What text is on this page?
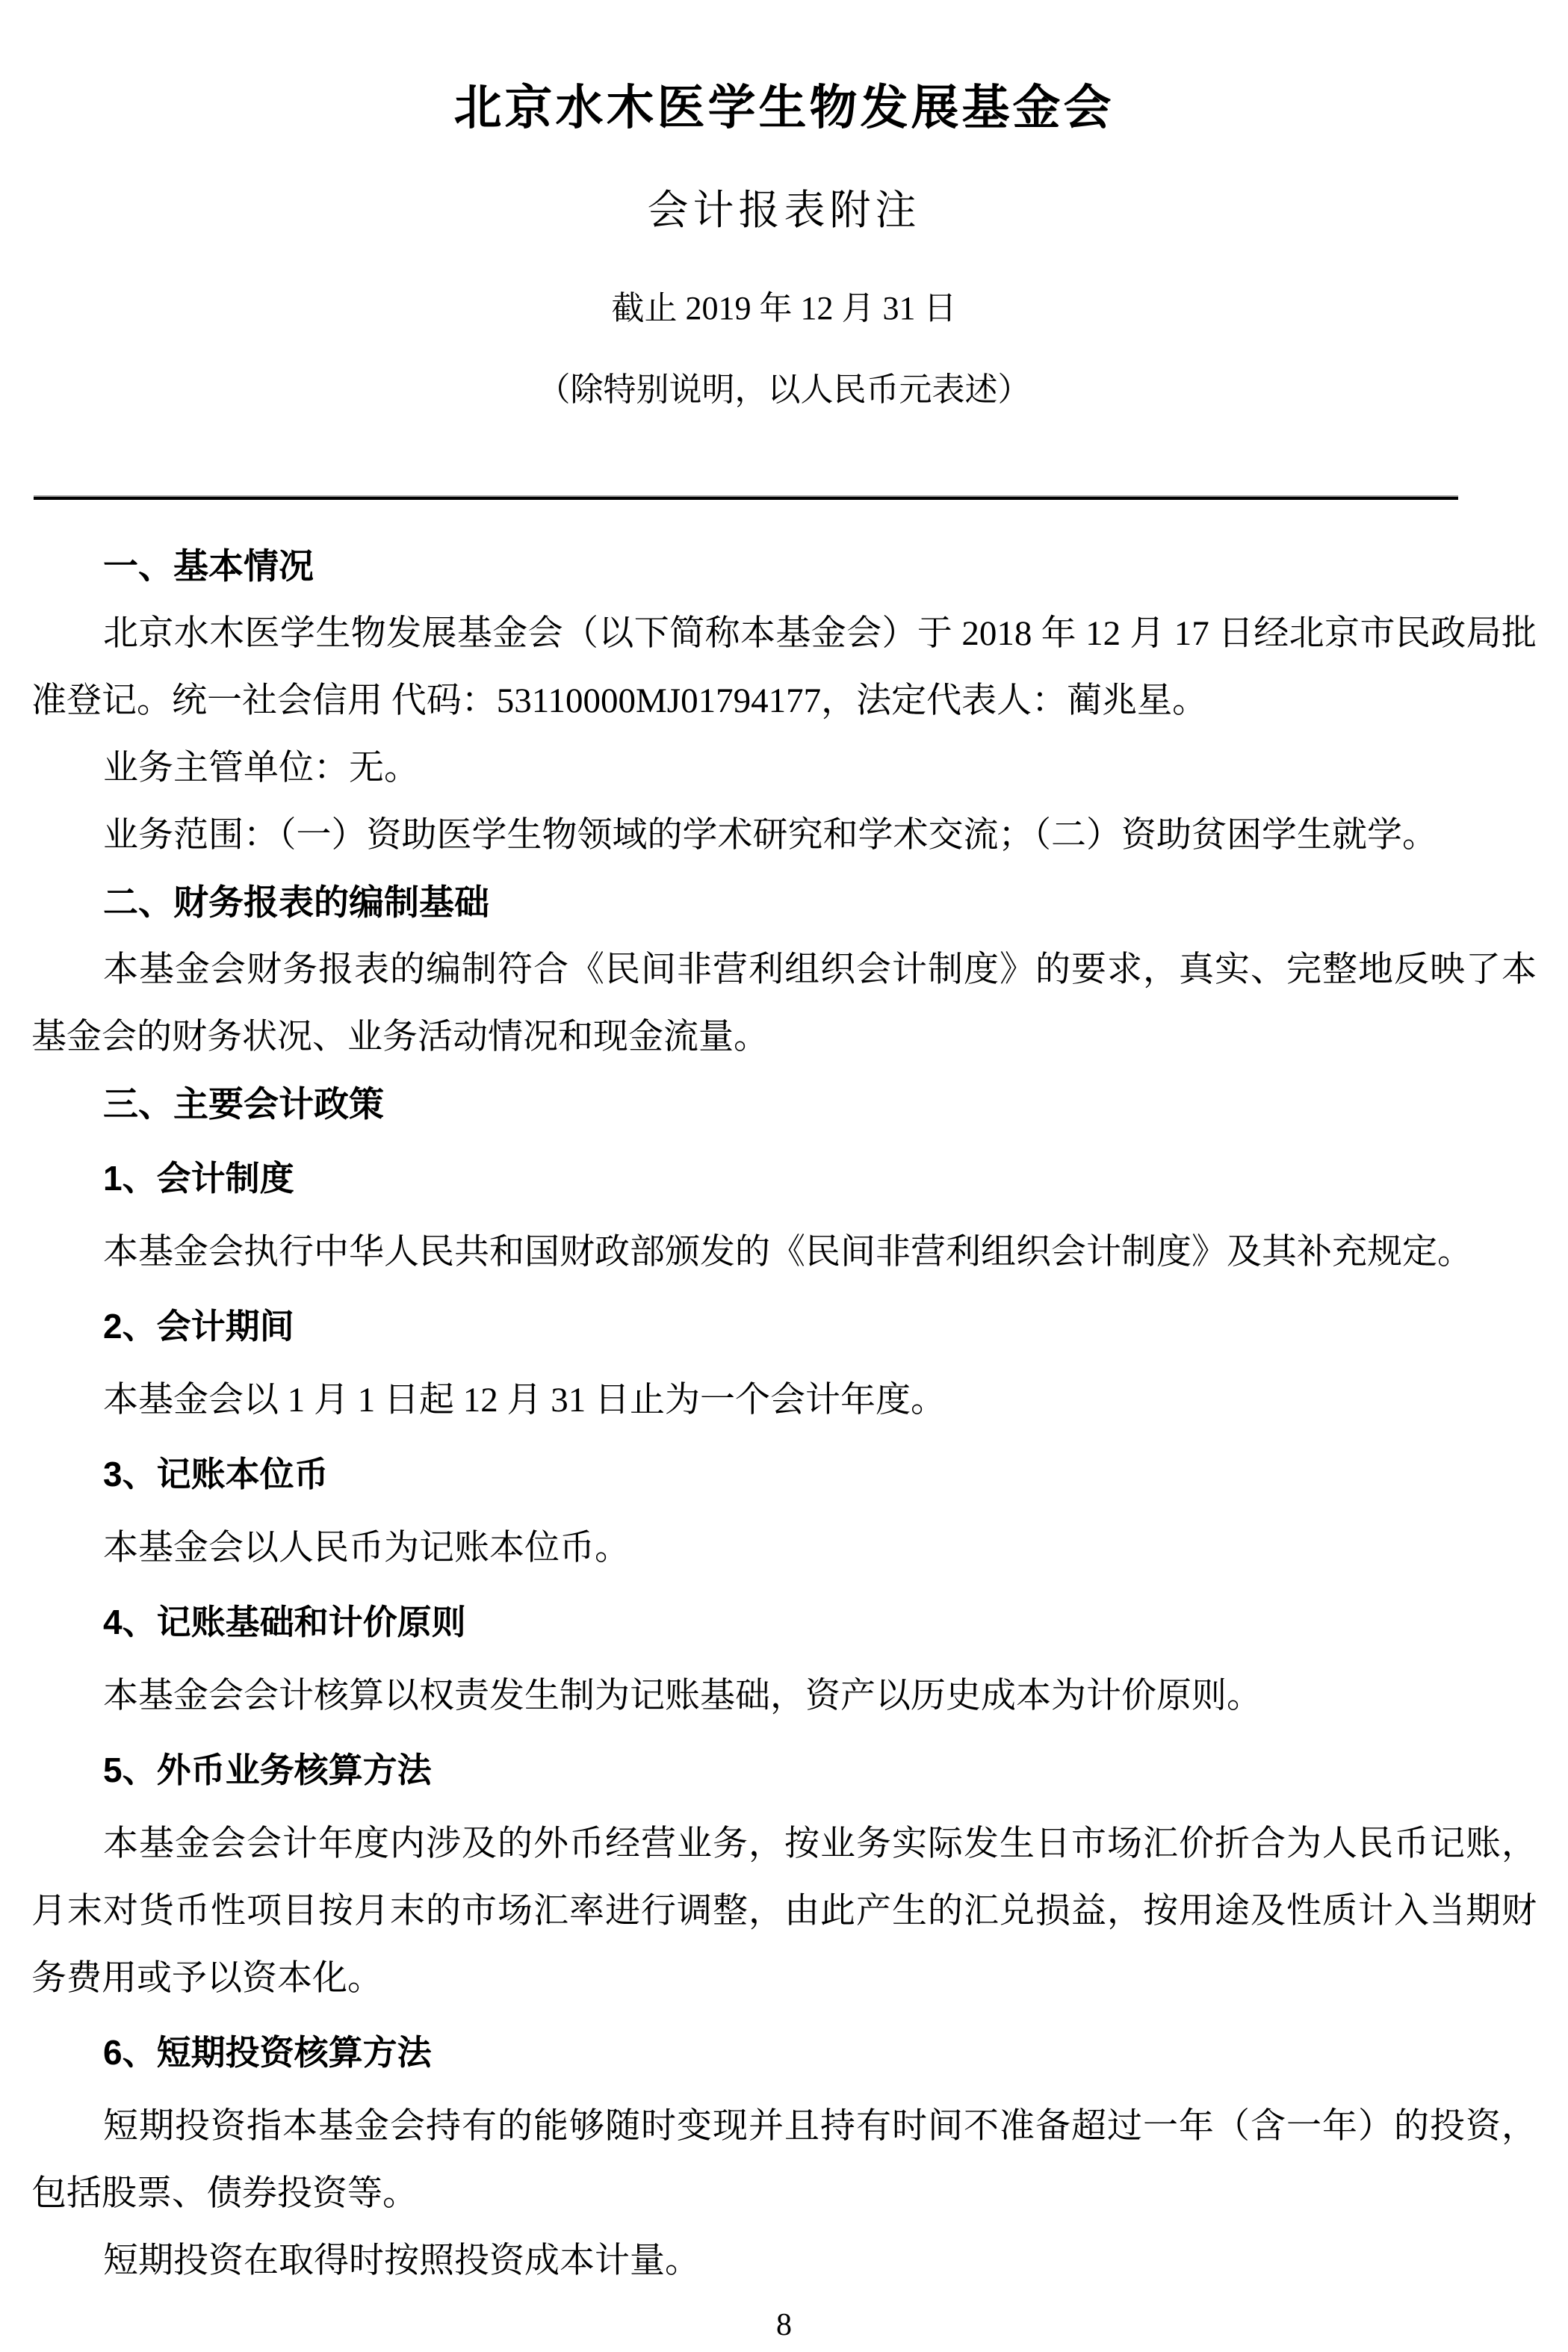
北京水木医学生物发展基金会
会计报表附注
截止 2019 年 12 月 31 日
（除特别说明，以人民币元表述）
一、基本情况

北京水木医学生物发展基金会（以下简称本基金会）于 2018 年 12 月 17 日经北京市民政局批准登记。统一社会信用 代码：53110000MJ01794177，法定代表人：蔺兆星。

业务主管单位：无。

业务范围：（一）资助医学生物领域的学术研究和学术交流；（二）资助贫困学生就学。

二、财务报表的编制基础

本基金会财务报表的编制符合《民间非营利组织会计制度》的要求，真实、完整地反映了本基金会的财务状况、业务活动情况和现金流量。

三、主要会计政策
1、会计制度

本基金会执行中华人民共和国财政部颁发的《民间非营利组织会计制度》及其补充规定。

2、会计期间

本基金会以 1 月 1 日起 12 月 31 日止为一个会计年度。

3、记账本位币

本基金会以人民币为记账本位币。

4、记账基础和计价原则

本基金会会计核算以权责发生制为记账基础，资产以历史成本为计价原则。

5、外币业务核算方法

本基金会会计年度内涉及的外币经营业务，按业务实际发生日市场汇价折合为人民币记账，月末对货币性项目按月末的市场汇率进行调整，由此产生的汇兑损益，按用途及性质计入当期财务费用或予以资本化。

6、短期投资核算方法

短期投资指本基金会持有的能够随时变现并且持有时间不准备超过一年（含一年）的投资，包括股票、债券投资等。

短期投资在取得时按照投资成本计量。

8
